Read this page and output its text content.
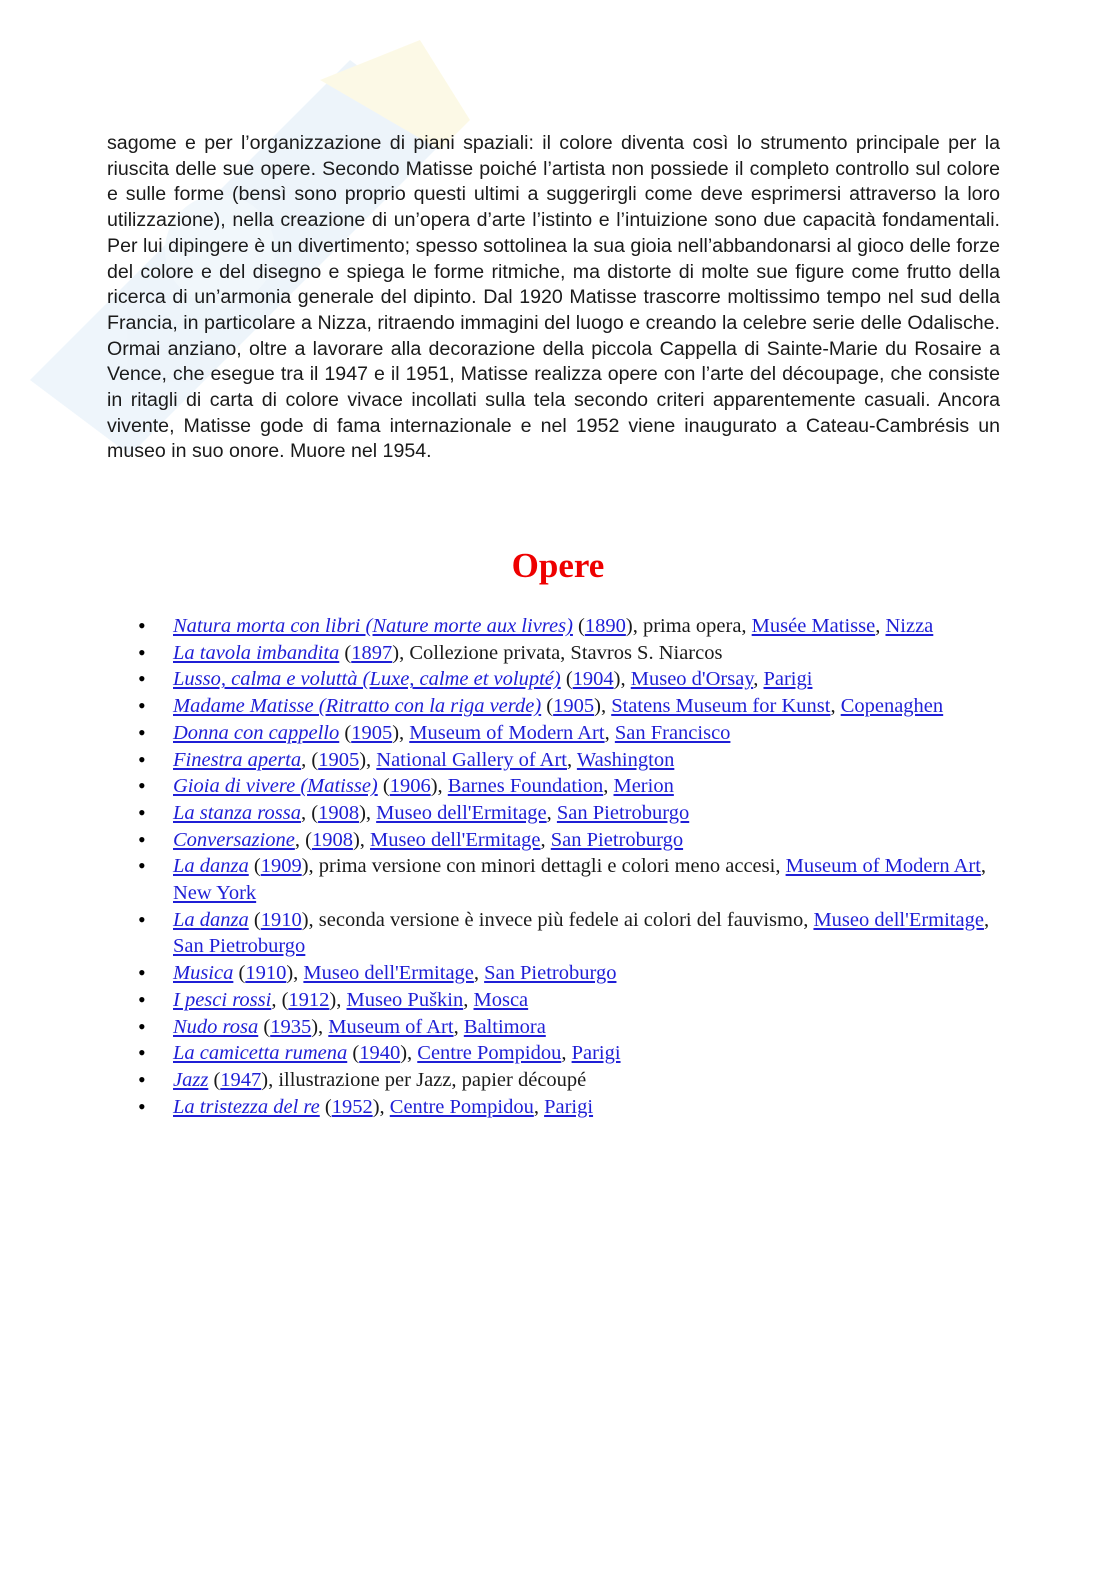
sagome e per l’organizzazione di piani spaziali: il colore diventa così lo strumento principale per la riuscita delle sue opere. Secondo Matisse poiché l’artista non possiede il completo controllo sul colore e sulle forme (bensì sono proprio questi ultimi a suggerirgli come deve esprimersi attraverso la loro utilizzazione), nella creazione di un’opera d’arte l’istinto e l’intuizione sono due capacità fondamentali. Per lui dipingere è un divertimento; spesso sottolinea la sua gioia nell’abbandonarsi al gioco delle forze del colore e del disegno e spiega le forme ritmiche, ma distorte di molte sue figure come frutto della ricerca di un’armonia generale del dipinto. Dal 1920 Matisse trascorre moltissimo tempo nel sud della Francia, in particolare a Nizza, ritraendo immagini del luogo e creando la celebre serie delle Odalische. Ormai anziano, oltre a lavorare alla decorazione della piccola Cappella di Sainte-Marie du Rosaire a Vence, che esegue tra il 1947 e il 1951, Matisse realizza opere con l’arte del découpage, che consiste in ritagli di carta di colore vivace incollati sulla tela secondo criteri apparentemente casuali. Ancora vivente, Matisse gode di fama internazionale e nel 1952 viene inaugurato a Cateau-Cambrésis un museo in suo onore. Muore nel 1954.

Opere
• Natura morta con libri (Nature morte aux livres) (1890), prima opera, Musée Matisse, Nizza
• La tavola imbandita (1897), Collezione privata, Stavros S. Niarcos
• Lusso, calma e voluttà (Luxe, calme et volupté) (1904), Museo d'Orsay, Parigi
• Madame Matisse (Ritratto con la riga verde) (1905), Statens Museum for Kunst, Copenaghen
• Donna con cappello (1905), Museum of Modern Art, San Francisco
• Finestra aperta, (1905), National Gallery of Art, Washington
• Gioia di vivere (Matisse) (1906), Barnes Foundation, Merion
• La stanza rossa, (1908), Museo dell'Ermitage, San Pietroburgo
• Conversazione, (1908), Museo dell'Ermitage, San Pietroburgo
• La danza (1909), prima versione con minori dettagli e colori meno accesi, Museum of Modern Art, New York
• La danza (1910), seconda versione è invece più fedele ai colori del fauvismo, Museo dell'Ermitage, San Pietroburgo
• Musica (1910), Museo dell'Ermitage, San Pietroburgo
• I pesci rossi, (1912), Museo Puškin, Mosca
• Nudo rosa (1935), Museum of Art, Baltimora
• La camicetta rumena (1940), Centre Pompidou, Parigi
• Jazz (1947), illustrazione per Jazz, papier découpé
• La tristezza del re (1952), Centre Pompidou, Parigi
